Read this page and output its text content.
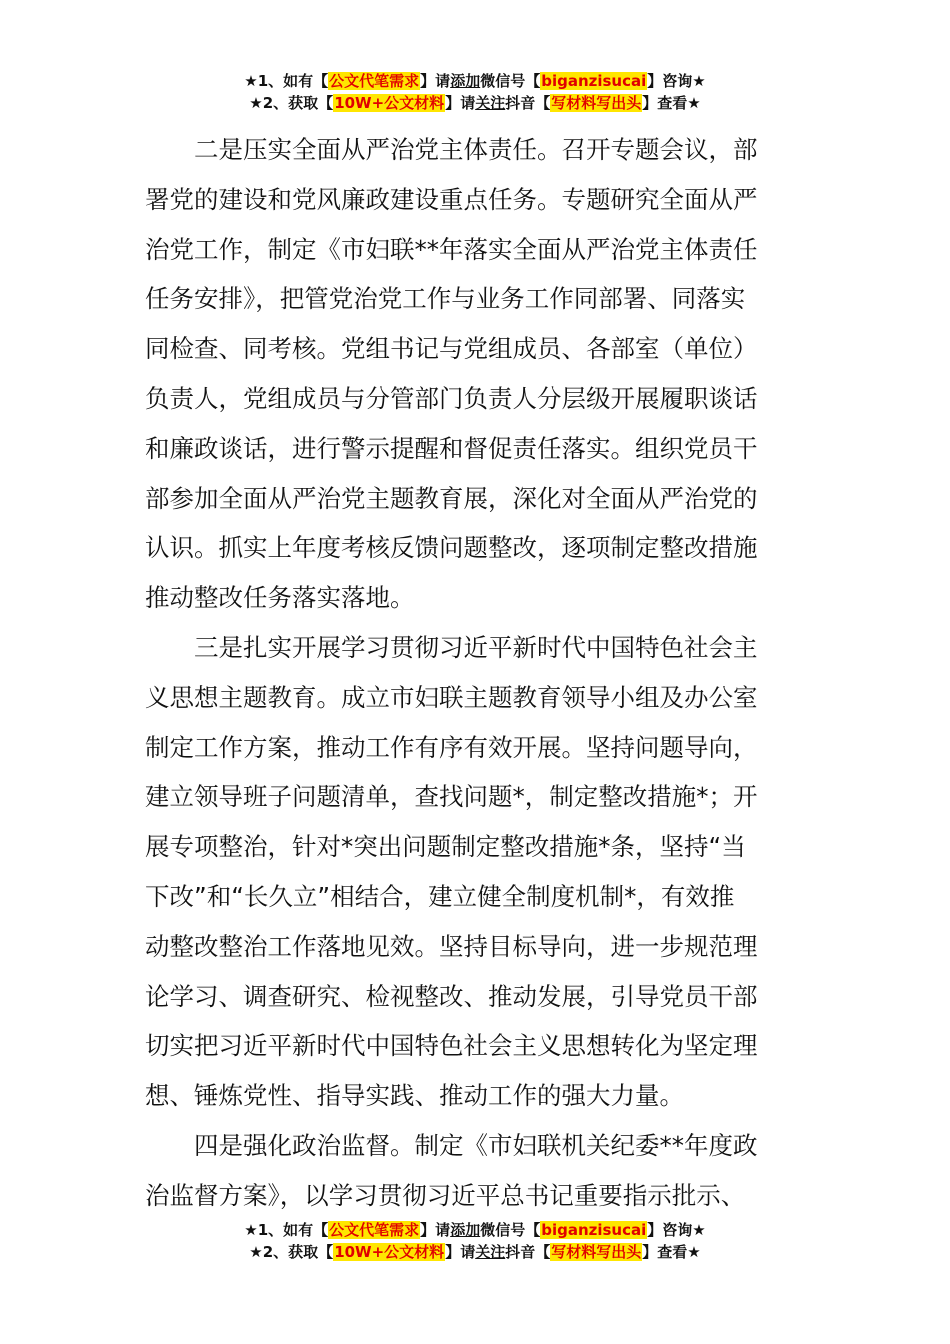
★1、如有【公文代笔需求】请添加微信号【biganzisucai】咨询★
★2、获取【10W+公文材料】请关注抖音【写材料写出头】查看★

二是压实全面从严治党主体责任。召开专题会议，部
署党的建设和党风廉政建设重点任务。专题研究全面从严
治党工作，制定《市妇联**年落实全面从严治党主体责任
任务安排》，把管党治党工作与业务工作同部署、同落实
同检查、同考核。党组书记与党组成员、各部室（单位）
负责人，党组成员与分管部门负责人分层级开展履职谈话
和廉政谈话，进行警示提醒和督促责任落实。组织党员干
部参加全面从严治党主题教育展，深化对全面从严治党的
认识。抓实上年度考核反馈问题整改，逐项制定整改措施
推动整改任务落实落地。

三是扎实开展学习贯彻习近平新时代中国特色社会主
义思想主题教育。成立市妇联主题教育领导小组及办公室
制定工作方案，推动工作有序有效开展。坚持问题导向，
建立领导班子问题清单，查找问题*，制定整改措施*；开
展专项整治，针对*突出问题制定整改措施*条，坚持“当
下改”和“长久立”相结合，建立健全制度机制*，有效推
动整改整治工作落地见效。坚持目标导向，进一步规范理
论学习、调查研究、检视整改、推动发展，引导党员干部
切实把习近平新时代中国特色社会主义思想转化为坚定理
想、锤炼党性、指导实践、推动工作的强大力量。

四是强化政治监督。制定《市妇联机关纪委**年度政
治监督方案》，以学习贯彻习近平总书记重要指示批示、

★1、如有【公文代笔需求】请添加微信号【biganzisucai】咨询★
★2、获取【10W+公文材料】请关注抖音【写材料写出头】查看★
